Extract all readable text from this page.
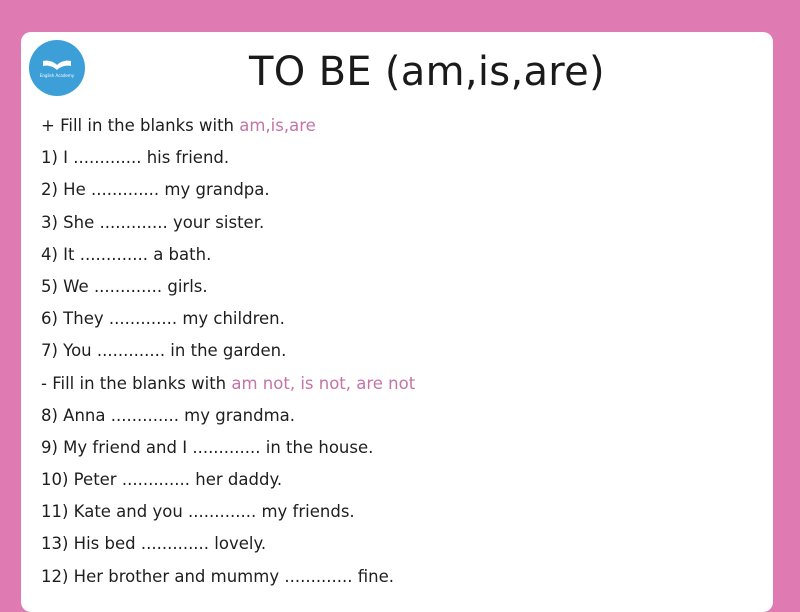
English Academy	TO BE (am,is,are)
+ Fill in the blanks with am,is,are
1) I ............. his friend.
2) He ............. my grandpa.
3) She ............. your sister.
4) It ............. a bath.
5) We ............. girls.
6) They ............. my children.
7) You ............. in the garden.
- Fill in the blanks with am not, is not, are not
8) Anna ............. my grandma.
9) My friend and I ............. in the house.
10) Peter ............. her daddy.
11) Kate and you ............. my friends.
13) His bed ............. lovely.
12) Her brother and mummy ............. fine.
